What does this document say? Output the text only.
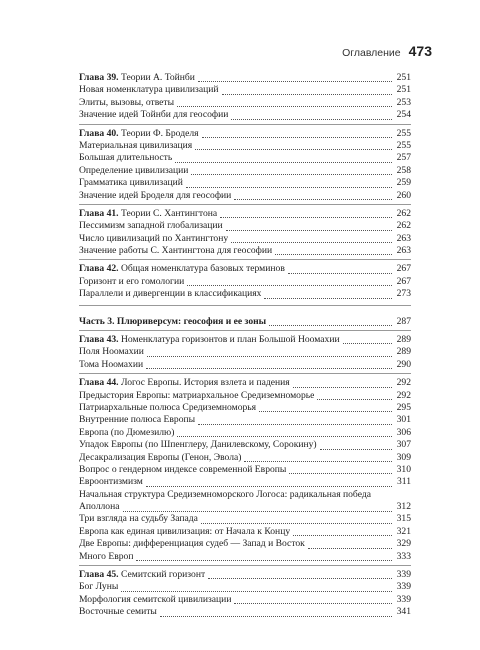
Оглавление 473
Глава 39. Теории А. Тойнби	251
Новая номенклатура цивилизаций	251
Элиты, вызовы, ответы	253
Значение идей Тойнби для геософии	254
Глава 40. Теории Ф. Броделя	255
Материальная цивилизация	255
Большая длительность	257
Определение цивилизации	258
Грамматика цивилизаций	259
Значение идей Броделя для геософии	260
Глава 41. Теории С. Хантингтона	262
Пессимизм западной глобализации	262
Число цивилизаций по Хантингтону	263
Значение работы С. Хантингтона для геософии	263
Глава 42. Общая номенклатура базовых терминов	267
Горизонт и его гомологии	267
Параллели и дивергенции в классификациях	273
Часть 3. Плюриверсум: геософия и ее зоны	287
Глава 43. Номенклатура горизонтов и план Большой Ноомахии	289
Поля Ноомахии	289
Тома Ноомахии	290
Глава 44. Логос Европы. История взлета и падения	292
Предыстория Европы: матриархальное Средиземноморье	292
Патриархальные полюса Средиземноморья	295
Внутренние полюса Европы	301
Европа (по Дюмезилю)	306
Упадок Европы (по Шпенглеру, Данилевскому, Сорокину)	307
Десакрализация Европы (Генон, Эвола)	309
Вопрос о гендерном индексе современной Европы	310
Евроонтизмизм	311
Начальная структура Средиземноморского Логоса: радикальная победа
Аполлона	312
Три взгляда на судьбу Запада	315
Европа как единая цивилизация: от Начала к Концу	321
Две Европы: дифференциация судеб — Запад и Восток	329
Много Европ	333
Глава 45. Семитский горизонт	339
Бог Луны	339
Морфология семитской цивилизации	339
Восточные семиты	341
